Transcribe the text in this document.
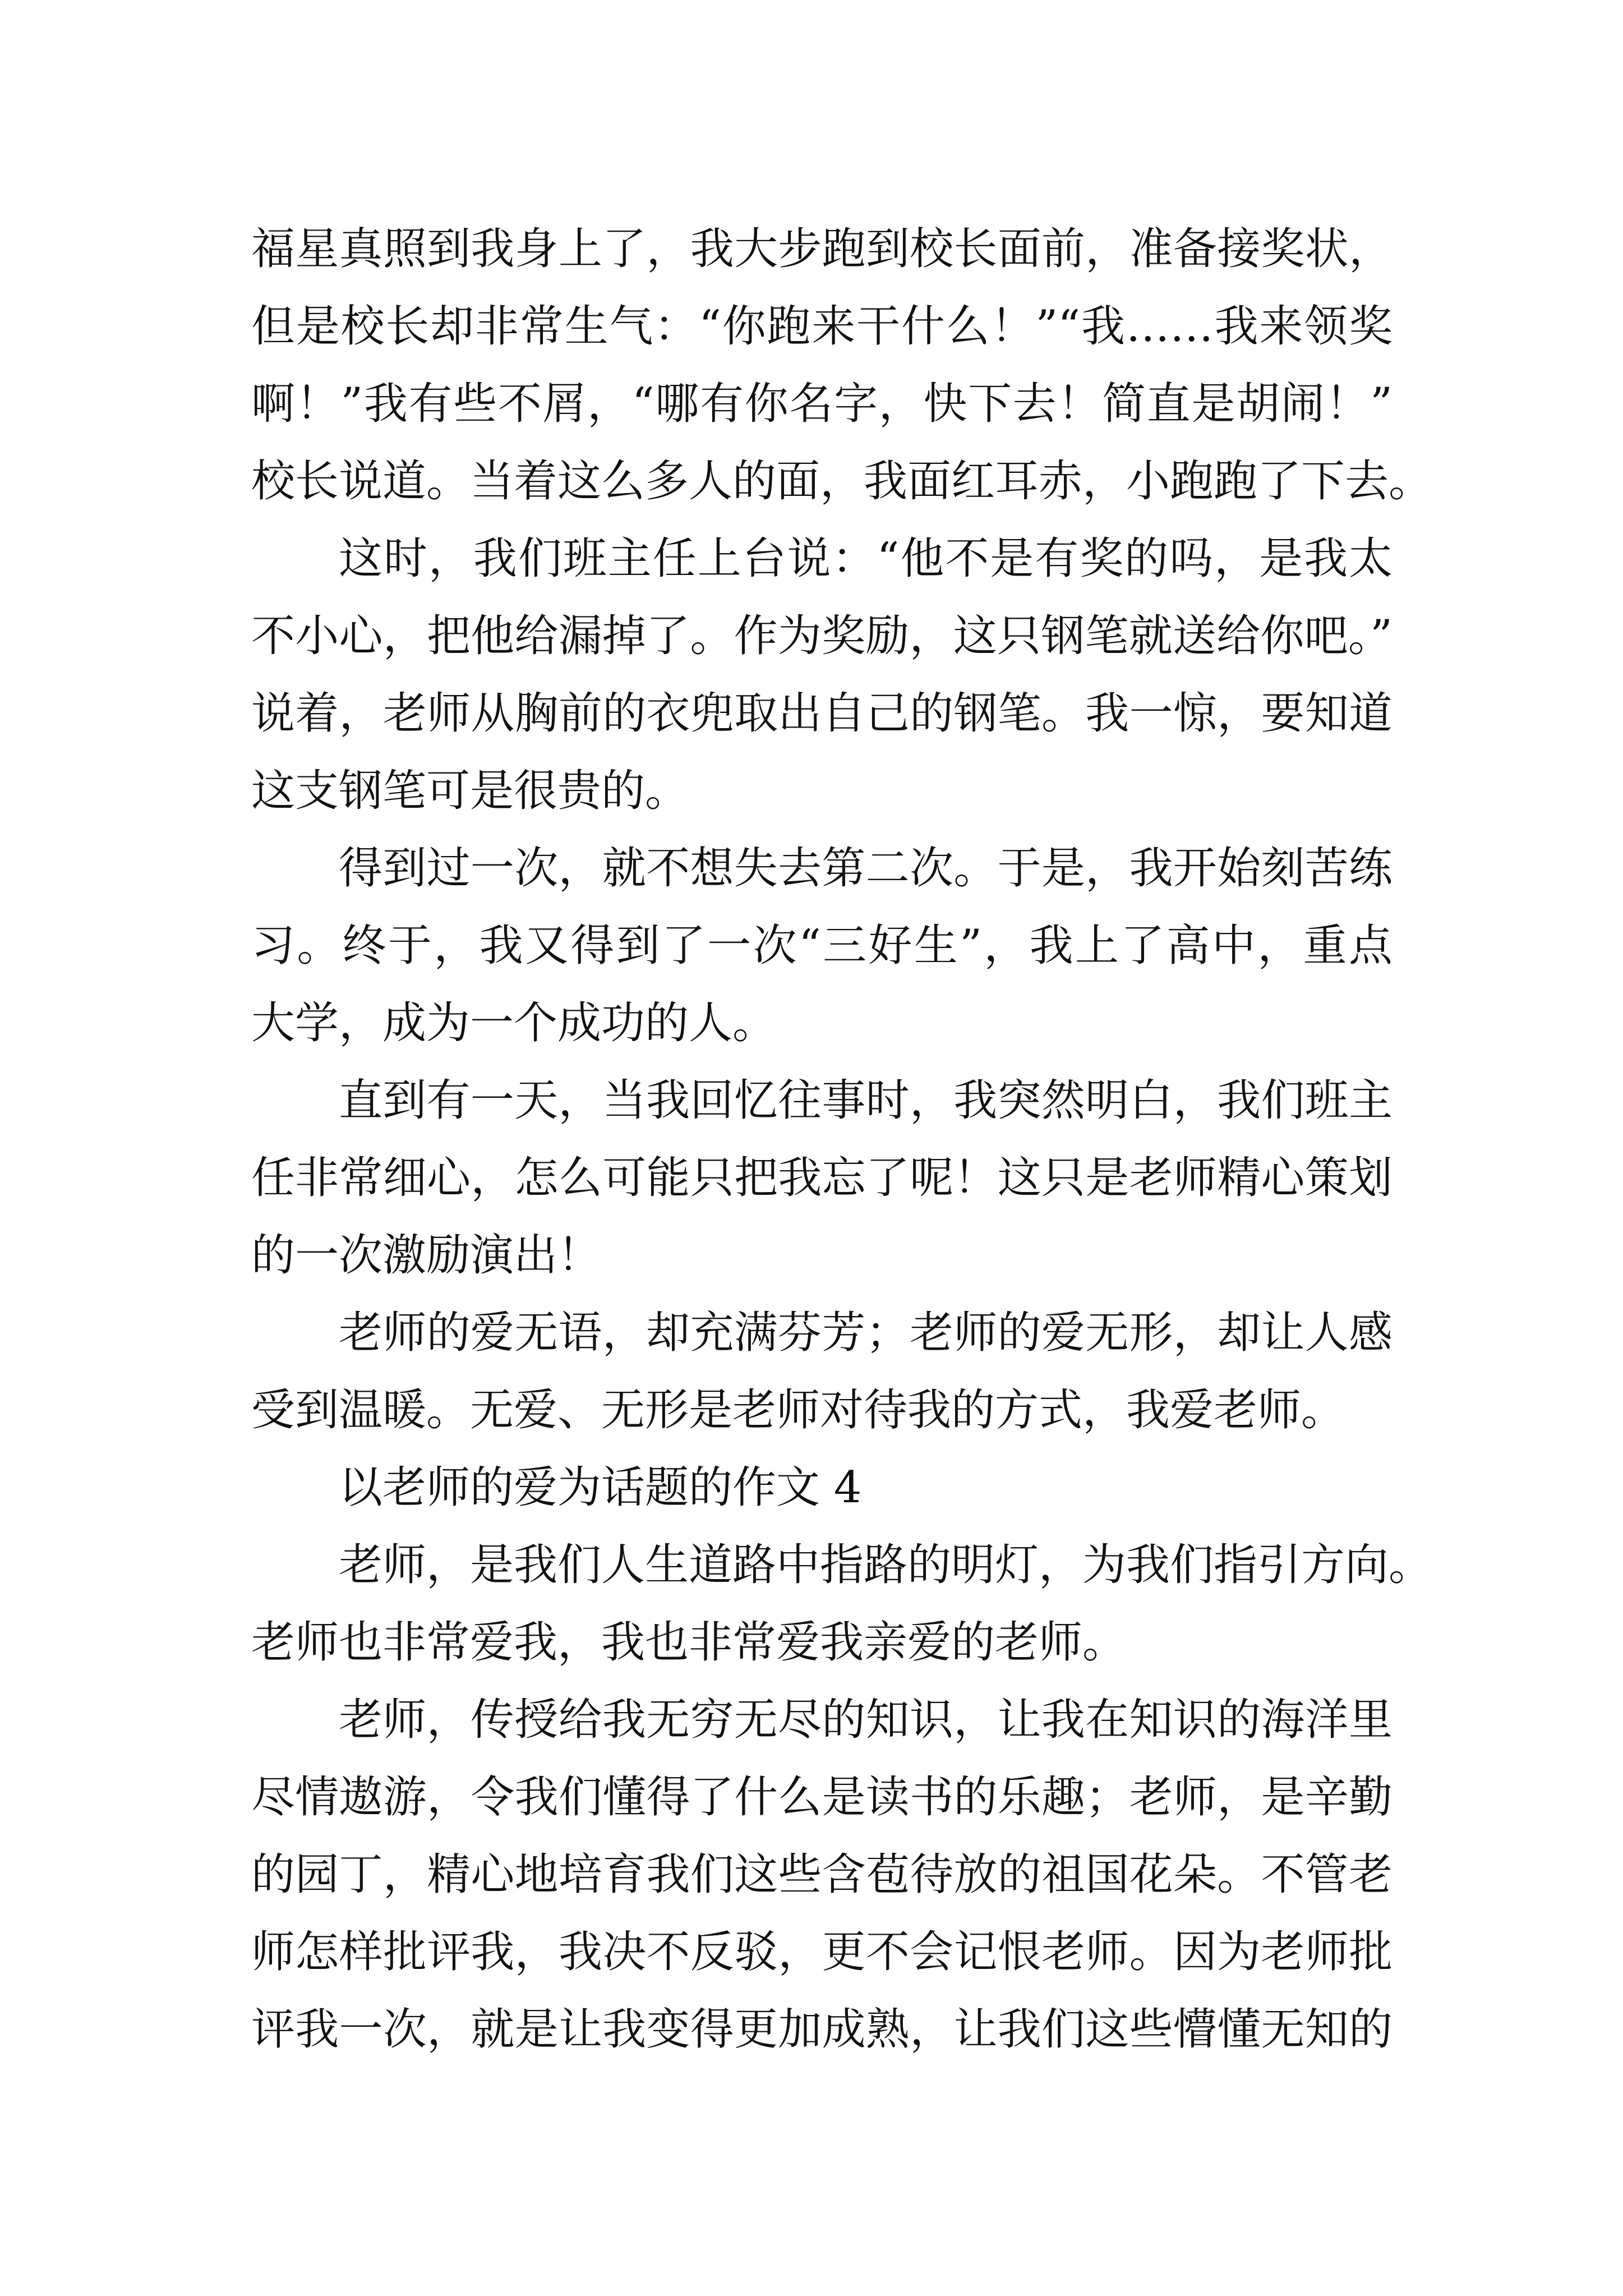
福星真照到我身上了，我大步跑到校长面前，准备接奖状，
但是校长却非常生气：“你跑来干什么！”“我……我来领奖
啊！”我有些不屑，“哪有你名字，快下去！简直是胡闹！”
校长说道。当着这么多人的面，我面红耳赤，小跑跑了下去。
这时，我们班主任上台说：“他不是有奖的吗，是我太
不小心，把他给漏掉了。作为奖励，这只钢笔就送给你吧。”
说着，老师从胸前的衣兜取出自己的钢笔。我一惊，要知道
这支钢笔可是很贵的。
得到过一次，就不想失去第二次。于是，我开始刻苦练
习。终于，我又得到了一次“三好生”，我上了高中，重点
大学，成为一个成功的人。
直到有一天，当我回忆往事时，我突然明白，我们班主
任非常细心，怎么可能只把我忘了呢！这只是老师精心策划
的一次激励演出！
老师的爱无语，却充满芬芳；老师的爱无形，却让人感
受到温暖。无爱、无形是老师对待我的方式，我爱老师。
以老师的爱为话题的作文 4
老师，是我们人生道路中指路的明灯，为我们指引方向。
老师也非常爱我，我也非常爱我亲爱的老师。
老师，传授给我无穷无尽的知识，让我在知识的海洋里
尽情遨游，令我们懂得了什么是读书的乐趣；老师，是辛勤
的园丁，精心地培育我们这些含苞待放的祖国花朵。不管老
师怎样批评我，我决不反驳，更不会记恨老师。因为老师批
评我一次，就是让我变得更加成熟，让我们这些懵懂无知的
